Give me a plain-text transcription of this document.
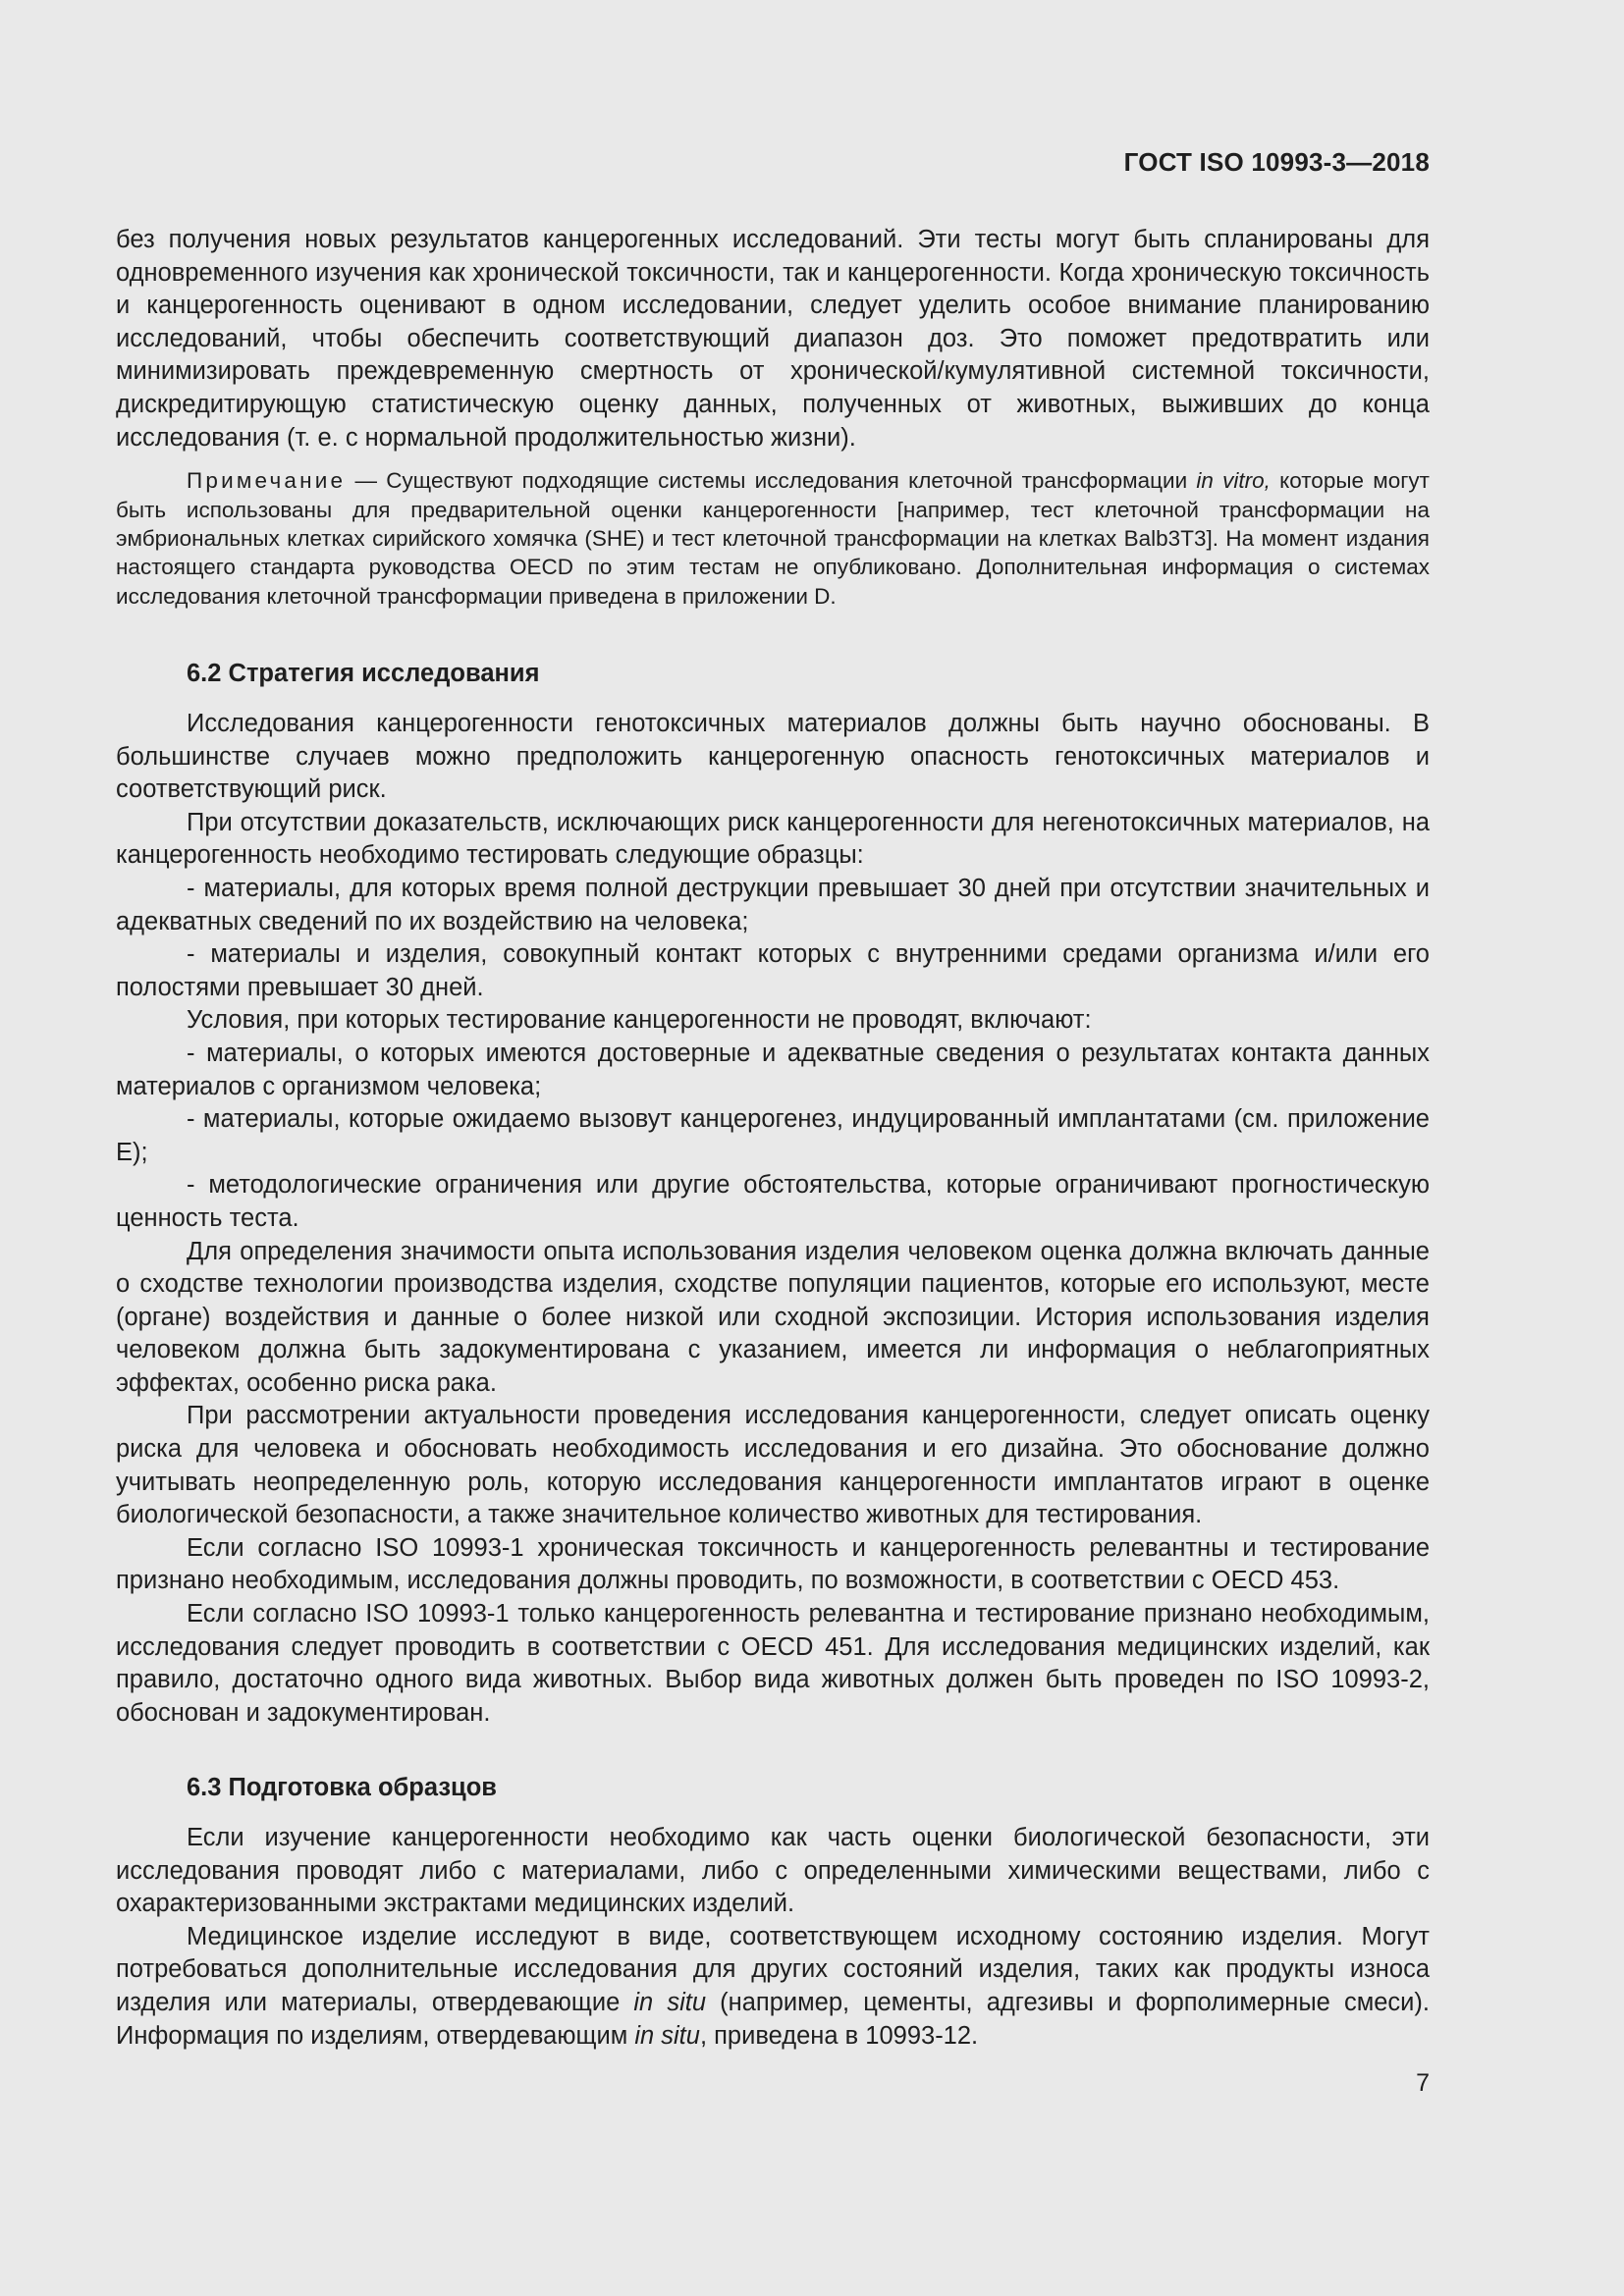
ГОСТ ISO 10993-3—2018

без получения новых результатов канцерогенных исследований. Эти тесты могут быть спланированы для одновременного изучения как хронической токсичности, так и канцерогенности. Когда хроническую токсичность и канцерогенность оценивают в одном исследовании, следует уделить особое внимание планированию исследований, чтобы обеспечить соответствующий диапазон доз. Это поможет предотвратить или минимизировать преждевременную смертность от хронической/кумулятивной системной токсичности, дискредитирующую статистическую оценку данных, полученных от животных, выживших до конца исследования (т. е. с нормальной продолжительностью жизни).

Примечание — Существуют подходящие системы исследования клеточной трансформации in vitro, которые могут быть использованы для предварительной оценки канцерогенности [например, тест клеточной трансформации на эмбриональных клетках сирийского хомячка (SHE) и тест клеточной трансформации на клетках Balb3T3]. На момент издания настоящего стандарта руководства OECD по этим тестам не опубликовано. Дополнительная информация о системах исследования клеточной трансформации приведена в приложении D.

6.2 Стратегия исследования

Исследования канцерогенности генотоксичных материалов должны быть научно обоснованы. В большинстве случаев можно предположить канцерогенную опасность генотоксичных материалов и соответствующий риск.

При отсутствии доказательств, исключающих риск канцерогенности для негенотоксичных материалов, на канцерогенность необходимо тестировать следующие образцы:

- материалы, для которых время полной деструкции превышает 30 дней при отсутствии значительных и адекватных сведений по их воздействию на человека;

- материалы и изделия, совокупный контакт которых с внутренними средами организма и/или его полостями превышает 30 дней.

Условия, при которых тестирование канцерогенности не проводят, включают:

- материалы, о которых имеются достоверные и адекватные сведения о результатах контакта данных материалов с организмом человека;

- материалы, которые ожидаемо вызовут канцерогенез, индуцированный имплантатами (см. приложение E);

- методологические ограничения или другие обстоятельства, которые ограничивают прогностическую ценность теста.

Для определения значимости опыта использования изделия человеком оценка должна включать данные о сходстве технологии производства изделия, сходстве популяции пациентов, которые его используют, месте (органе) воздействия и данные о более низкой или сходной экспозиции. История использования изделия человеком должна быть задокументирована с указанием, имеется ли информация о неблагоприятных эффектах, особенно риска рака.

При рассмотрении актуальности проведения исследования канцерогенности, следует описать оценку риска для человека и обосновать необходимость исследования и его дизайна. Это обоснование должно учитывать неопределенную роль, которую исследования канцерогенности имплантатов играют в оценке биологической безопасности, а также значительное количество животных для тестирования.

Если согласно ISO 10993-1 хроническая токсичность и канцерогенность релевантны и тестирование признано необходимым, исследования должны проводить, по возможности, в соответствии с OECD 453.

Если согласно ISO 10993-1 только канцерогенность релевантна и тестирование признано необходимым, исследования следует проводить в соответствии с OECD 451. Для исследования медицинских изделий, как правило, достаточно одного вида животных. Выбор вида животных должен быть проведен по ISO 10993-2, обоснован и задокументирован.

6.3 Подготовка образцов

Если изучение канцерогенности необходимо как часть оценки биологической безопасности, эти исследования проводят либо с материалами, либо с определенными химическими веществами, либо с охарактеризованными экстрактами медицинских изделий.

Медицинское изделие исследуют в виде, соответствующем исходному состоянию изделия. Могут потребоваться дополнительные исследования для других состояний изделия, таких как продукты износа изделия или материалы, отвердевающие in situ (например, цементы, адгезивы и форполимерные смеси). Информация по изделиям, отвердевающим in situ, приведена в 10993-12.

7
